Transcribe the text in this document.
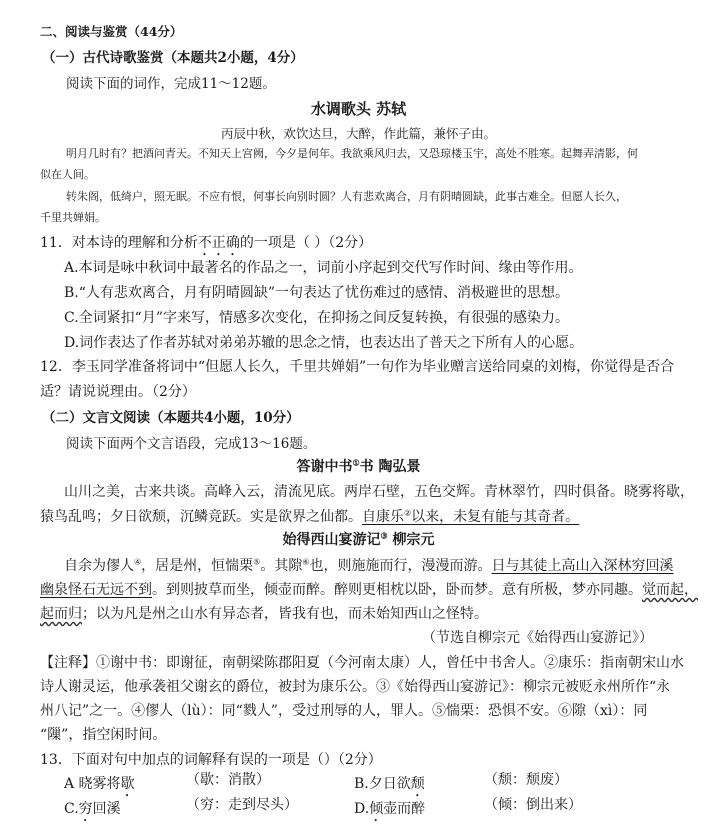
二、阅读与鉴赏（44分）
（一）古代诗歌鉴赏（本题共2小题，4分）
阅读下面的词作，完成11～12题。
水调歌头 苏轼
丙辰中秋，欢饮达旦，大醉，作此篇，兼怀子由。
明月几时有？把酒问青天。不知天上宫阙，今夕是何年。我欲乘风归去，又恐琼楼玉宇，高处不胜寒。起舞弄清影，何
似在人间。
转朱阁，低绮户，照无眠。不应有恨，何事长向别时圆？人有悲欢离合，月有阴晴圆缺，此事古难全。但愿人长久，
千里共婵娟。
11．对本诗的理解和分析不正确的一项是（ ）（2分）
A.本词是咏中秋词中最著名的作品之一，词前小序起到交代写作时间、缘由等作用。
B.“人有悲欢离合，月有阴晴圆缺”一句表达了忧伤难过的感情、消极避世的思想。
C.全词紧扣“月”字来写，情感多次变化，在抑扬之间反复转换，有很强的感染力。
D.词作表达了作者苏轼对弟弟苏辙的思念之情，也表达出了普天之下所有人的心愿。
12．李玉同学准备将词中“但愿人长久，千里共婵娟”一句作为毕业赠言送给同桌的刘梅，你觉得是否合
适？请说说理由。（2分）
（二）文言文阅读（本题共4小题，10分）
阅读下面两个文言语段，完成13～16题。
答谢中书①书 陶弘景
山川之美，古来共谈。高峰入云，清流见底。两岸石壁，五色交辉。青林翠竹，四时俱备。晓雾将歇，
猿鸟乱鸣；夕日欲颓，沉鳞竞跃。实是欲界之仙都。自康乐②以来，未复有能与其奇者。
始得西山宴游记③ 柳宗元
自余为僇人④，居是州，恒惴栗⑤。其隙⑥也，则施施而行，漫漫而游。日与其徒上高山入深林穷回溪
幽泉怪石无远不到。到则披草而坐，倾壶而醉。醉则更相枕以卧，卧而梦。意有所极，梦亦同趣。觉而起，
起而归；以为凡是州之山水有异态者，皆我有也，而未始知西山之怪特。
（节选自柳宗元《始得西山宴游记》）
【注释】①谢中书：即谢征，南朝梁陈郡阳夏（今河南太康）人，曾任中书舍人。②康乐：指南朝宋山水
诗人谢灵运，他承袭祖父谢玄的爵位，被封为康乐公。③《始得西山宴游记》：柳宗元被贬永州所作“永
州八记”之一。④僇人（lù）：同“戮人”，受过刑辱的人，罪人。⑤惴栗：恐惧不安。⑥隙（xì）：同
“隟”，指空闲时间。
13．下面对句中加点的词解释有误的一项是（）（2分）
A 晓雾将歇	（歇：消散）	B.夕日欲颓	（颓：颓废）
C.穷回溪	（穷：走到尽头）	D.倾壶而醉	（倾：倒出来）
